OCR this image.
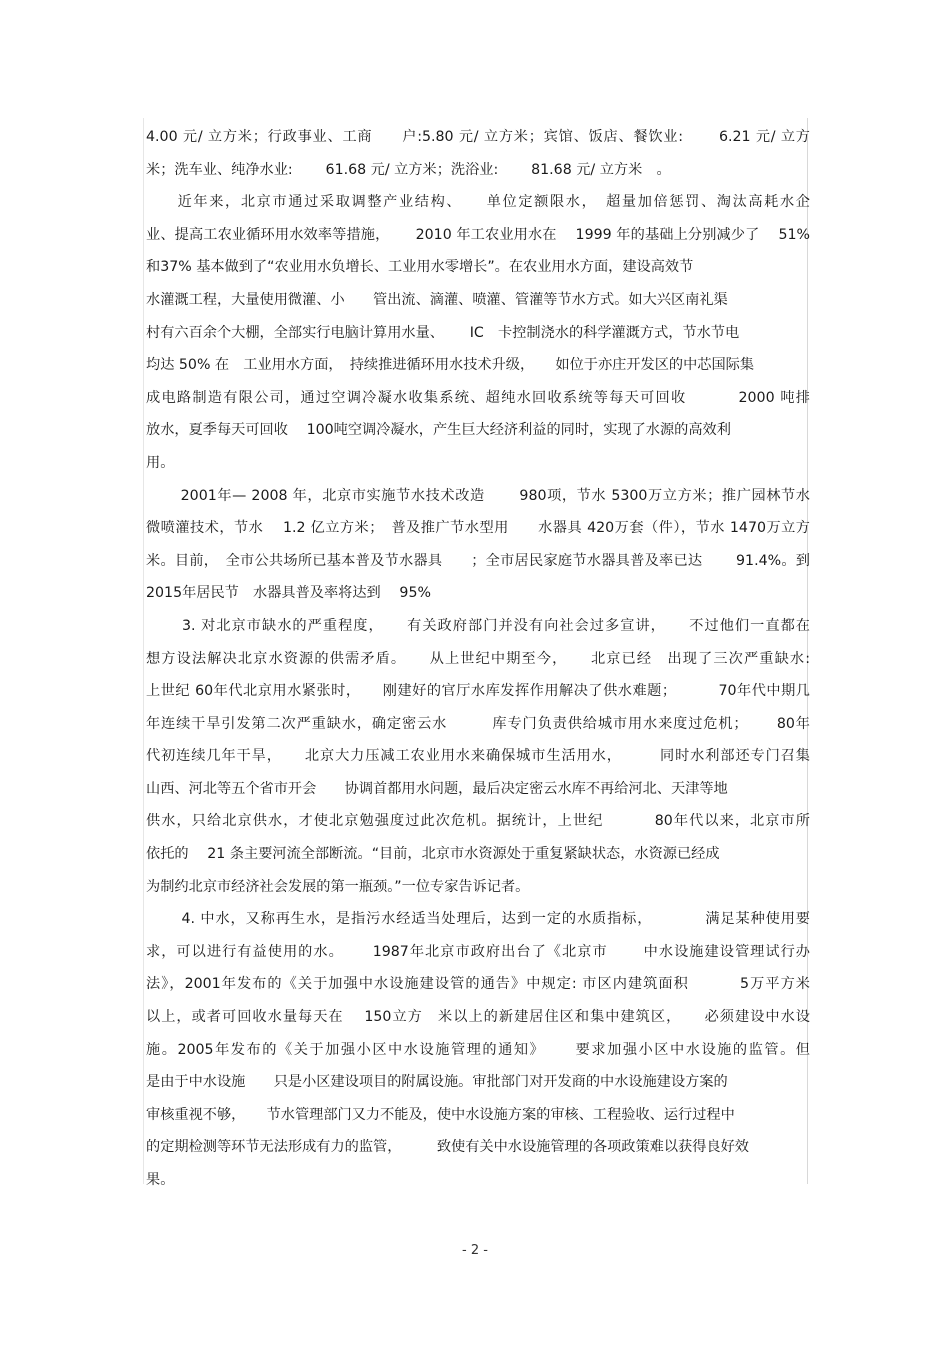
4.00 元/ 立方米；行政事业、工商　　户:5.80 元/ 立方米；宾馆、饭店、餐饮业:　　 6.21 元/ 立方
米；洗车业、纯净水业:　　 61.68 元/ 立方米；洗浴业:　　 81.68 元/ 立方米　。
　　近年来，北京市通过采取调整产业结构、　　单位定额限水，　超量加倍惩罚、淘汰高耗水企
业、提高工农业循环用水效率等措施，　　 2010 年工农业用水在　 1999 年的基础上分别减少了　 51%
和37% 基本做到了“农业用水负增长、工业用水零增长”。在农业用水方面，建设高效节
水灌溉工程，大量使用微灌、小　　管出流、滴灌、喷灌、管灌等节水方式。如大兴区南礼渠
村有六百余个大棚，全部实行电脑计算用水量、　　 IC　卡控制浇水的科学灌溉方式，节水节电
均达 50% 在　工业用水方面，　持续推进循环用水技术升级，　　如位于亦庄开发区的中芯国际集
成电路制造有限公司，通过空调冷凝水收集系统、超纯水回收系统等每天可回收　　　 2000 吨排
放水，夏季每天可回收　 100吨空调冷凝水，产生巨大经济利益的同时，实现了水源的高效利
用。
　　 2001年— 2008 年，北京市实施节水技术改造　　 980项，节水 5300万立方米；推广园林节水
微喷灌技术，节水　 1.2 亿立方米；　普及推广节水型用　　水器具 420万套（件），节水 1470万立方
米。目前，　全市公共场所已基本普及节水器具　　；全市居民家庭节水器具普及率已达　　 91.4%。到
2015年居民节　水器具普及率将达到　 95%
　　 3. 对北京市缺水的严重程度，　　有关政府部门并没有向社会过多宣讲，　　不过他们一直都在
想方设法解决北京水资源的供需矛盾。　　从上世纪中期至今，　　北京已经　出现了三次严重缺水:
上世纪 60年代北京用水紧张时，　　刚建好的官厅水库发挥作用解决了供水难题；　　　 70年代中期几
年连续干旱引发第二次严重缺水，确定密云水　　　库专门负责供给城市用水来度过危机；　　 80年
代初连续几年干旱，　　北京大力压减工农业用水来确保城市生活用水，　　　同时水利部还专门召集
山西、河北等五个省市开会　　协调首都用水问题，最后决定密云水库不再给河北、天津等地
供水，只给北京供水，才使北京勉强度过此次危机。据统计，上世纪　　　 80年代以来，北京市所
依托的　 21 条主要河流全部断流。“目前，北京市水资源处于重复紧缺状态，水资源已经成
为制约北京市经济社会发展的第一瓶颈。”一位专家告诉记者。
　　 4. 中水，又称再生水，是指污水经适当处理后，达到一定的水质指标，　　　　满足某种使用要
求，可以进行有益使用的水。　　 1987年北京市政府出台了《北京市　　 中水设施建设管理试行办
法》，2001年发布的《关于加强中水设施建设管的通告》中规定: 市区内建筑面积　　　 5万平方米
以上，或者可回收水量每天在　 150立方　米以上的新建居住区和集中建筑区，　　必须建设中水设
施。2005年发布的《关于加强小区中水设施管理的通知》　　 要求加强小区中水设施的监管。但
是由于中水设施　　只是小区建设项目的附属设施。审批部门对开发商的中水设施建设方案的
审核重视不够，　　节水管理部门又力不能及，使中水设施方案的审核、工程验收、运行过程中
的定期检测等环节无法形成有力的监管，　　　致使有关中水设施管理的各项政策难以获得良好效
果。
- 2 -
